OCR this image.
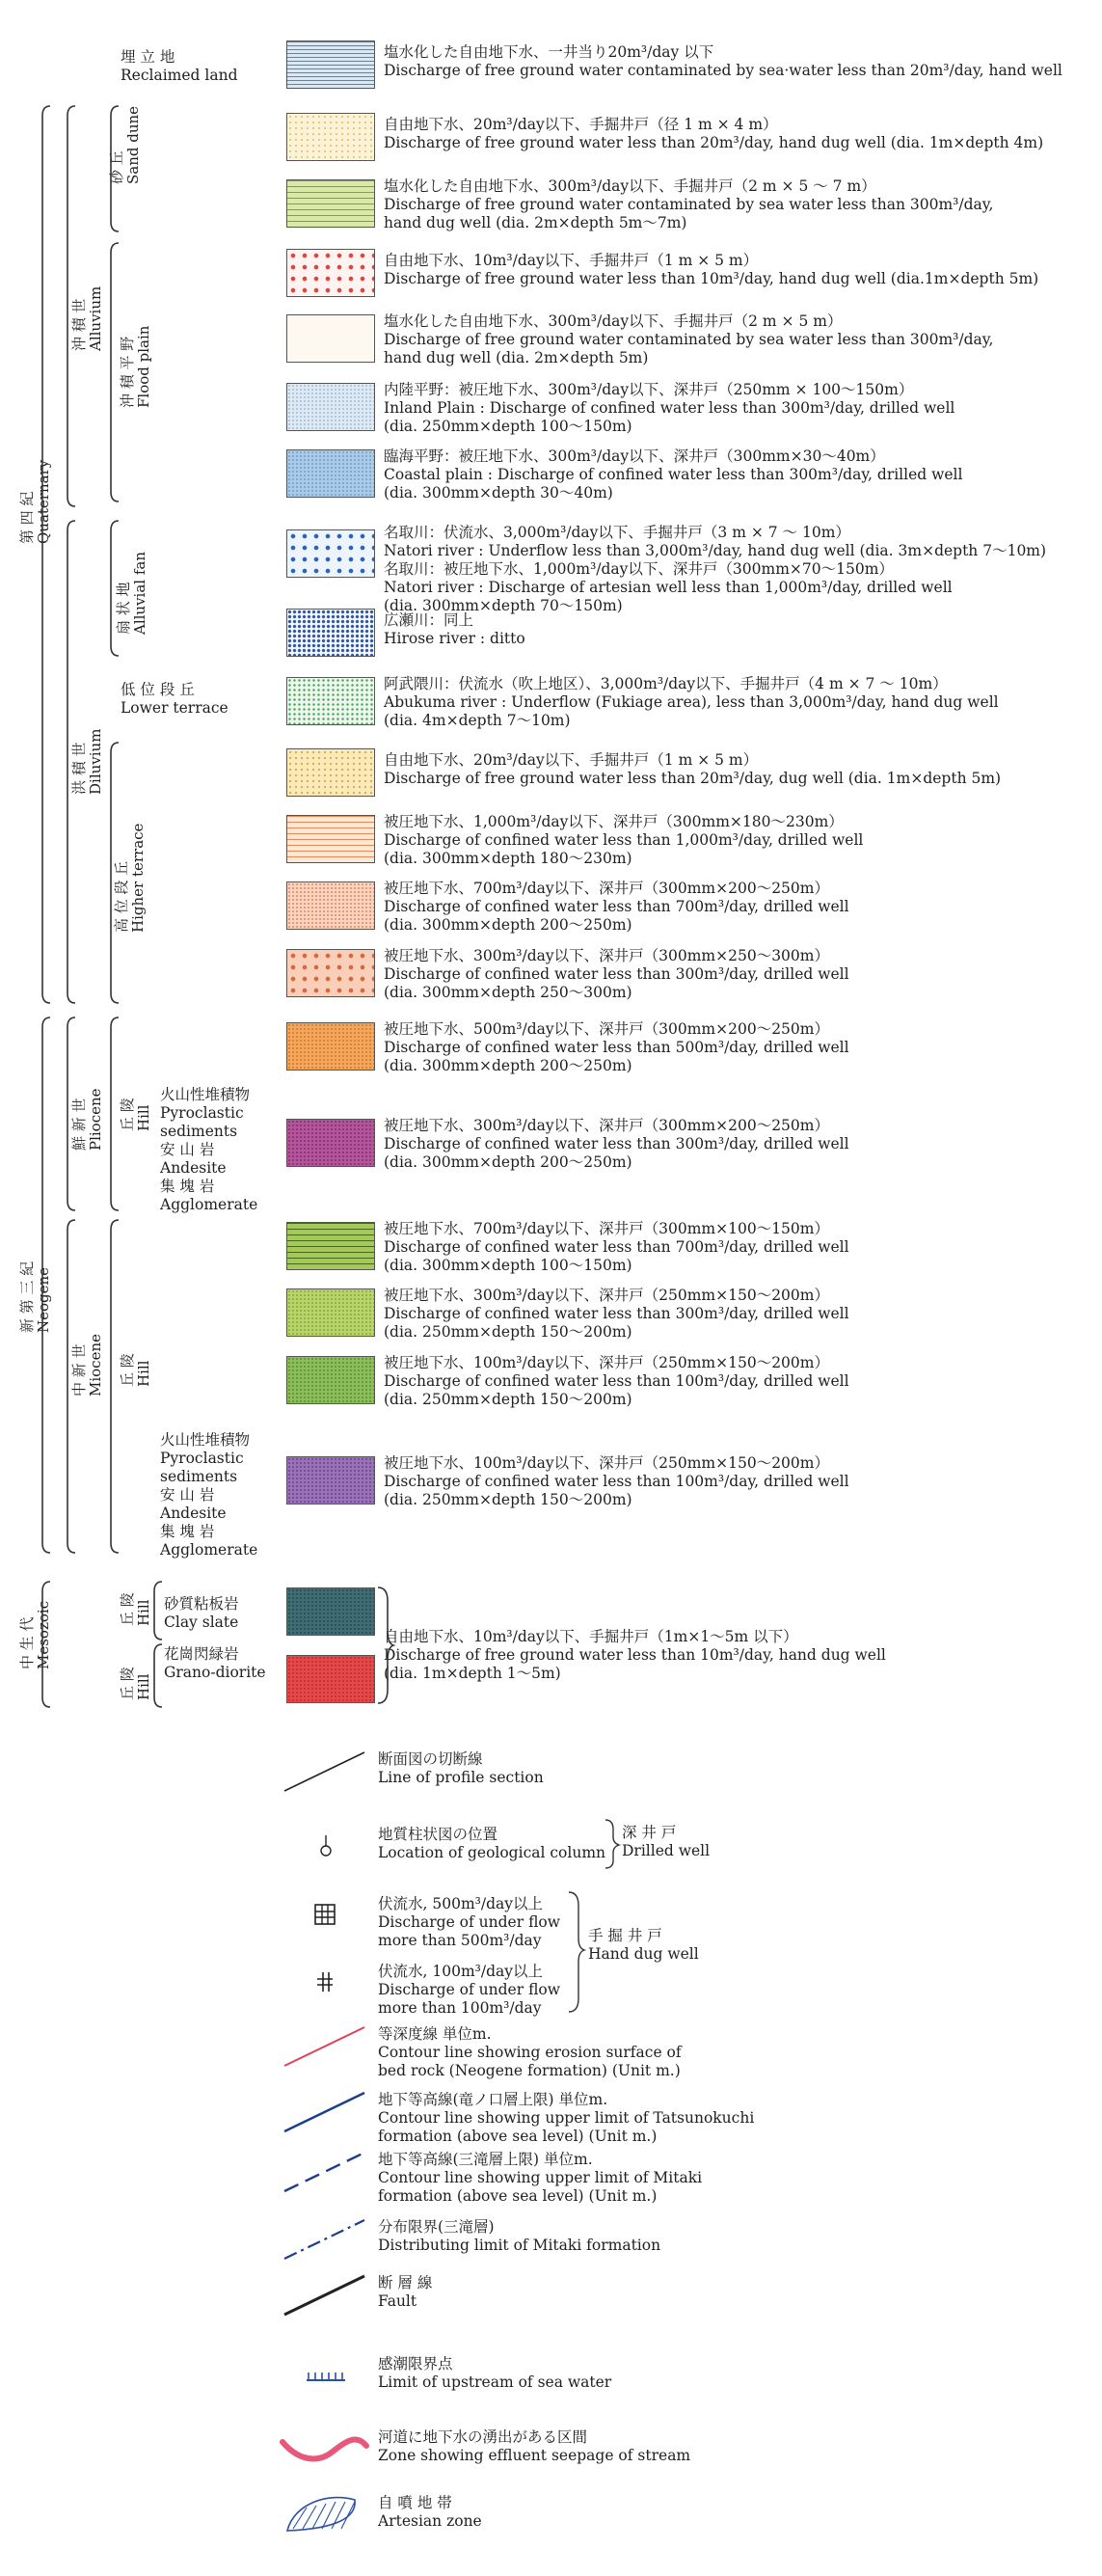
塩水化した自由地下水、一井当り20m³/day 以下
Discharge of free ground water contaminated by sea·water less than 20m³/day, hand well
自由地下水、20m³/day以下、手掘井戸（径 1 m × 4 m）
Discharge of free ground water less than 20m³/day, hand dug well (dia. 1m×depth 4m)
塩水化した自由地下水、300m³/day以下、手掘井戸（2 m × 5 ～ 7 m）
Discharge of free ground water contaminated by sea water less than 300m³/day,
hand dug well (dia. 2m×depth 5m～7m)
自由地下水、10m³/day以下、手掘井戸（1 m × 5 m）
Discharge of free ground water less than 10m³/day, hand dug well (dia.1m×depth 5m)
塩水化した自由地下水、300m³/day以下、手掘井戸（2 m × 5 m）
Discharge of free ground water contaminated by sea water less than 300m³/day,
hand dug well (dia. 2m×depth 5m)
内陸平野：被圧地下水、300m³/day以下、深井戸（250mm × 100～150m）
Inland Plain : Discharge of confined water less than 300m³/day, drilled well
(dia. 250mm×depth 100～150m)
臨海平野：被圧地下水、300m³/day以下、深井戸（300mm×30～40m）
Coastal plain : Discharge of confined water less than 300m³/day, drilled well
(dia. 300mm×depth 30～40m)
名取川：伏流水、3,000m³/day以下、手掘井戸（3 m × 7 ～ 10m）
Natori river : Underflow less than 3,000m³/day, hand dug well (dia. 3m×depth 7～10m)
名取川：被圧地下水、1,000m³/day以下、深井戸（300mm×70～150m）
Natori river : Discharge of artesian well less than 1,000m³/day, drilled well
(dia. 300mm×depth 70～150m)
広瀬川：同上
Hirose river : ditto
阿武隈川：伏流水（吹上地区）、3,000m³/day以下、手掘井戸（4 m × 7 ～ 10m）
Abukuma river : Underflow (Fukiage area), less than 3,000m³/day, hand dug well
(dia. 4m×depth 7～10m)
自由地下水、20m³/day以下、手掘井戸（1 m × 5 m）
Discharge of free ground water less than 20m³/day, dug well (dia. 1m×depth 5m)
被圧地下水、1,000m³/day以下、深井戸（300mm×180～230m）
Discharge of confined water less than 1,000m³/day, drilled well
(dia. 300mm×depth 180～230m)
被圧地下水、700m³/day以下、深井戸（300mm×200～250m）
Discharge of confined water less than 700m³/day, drilled well
(dia. 300mm×depth 200～250m)
被圧地下水、300m³/day以下、深井戸（300mm×250～300m）
Discharge of confined water less than 300m³/day, drilled well
(dia. 300mm×depth 250～300m)
被圧地下水、500m³/day以下、深井戸（300mm×200～250m）
Discharge of confined water less than 500m³/day, drilled well
(dia. 300mm×depth 200～250m)
被圧地下水、300m³/day以下、深井戸（300mm×200～250m）
Discharge of confined water less than 300m³/day, drilled well
(dia. 300mm×depth 200～250m)
被圧地下水、700m³/day以下、深井戸（300mm×100～150m）
Discharge of confined water less than 700m³/day, drilled well
(dia. 300mm×depth 100～150m)
被圧地下水、300m³/day以下、深井戸（250mm×150～200m）
Discharge of confined water less than 300m³/day, drilled well
(dia. 250mm×depth 150～200m)
被圧地下水、100m³/day以下、深井戸（250mm×150～200m）
Discharge of confined water less than 100m³/day, drilled well
(dia. 250mm×depth 150～200m)
被圧地下水、100m³/day以下、深井戸（250mm×150～200m）
Discharge of confined water less than 100m³/day, drilled well
(dia. 250mm×depth 150～200m)
自由地下水、10m³/day以下、手掘井戸（1m×1～5m 以下）
Discharge of free ground water less than 10m³/day, hand dug well
(dia. 1m×depth 1～5m)
埋 立 地
Reclaimed land
低 位 段 丘
Lower terrace
火山性堆積物
Pyroclastic
sediments
安 山 岩
Andesite
集 塊 岩
Agglomerate
火山性堆積物
Pyroclastic
sediments
安 山 岩
Andesite
集 塊 岩
Agglomerate
砂質粘板岩
Clay slate
花崗閃緑岩
Grano-diorite
砂 丘 Sand dune
沖 積 平 野 Flood plain
沖 積 世 Alluvium
扇 状 地 Alluvial fan
高 位 段 丘 Higher terrace
洪 積 世 Diluvium
第 四 紀 Quaternary
鮮 新 世 Pliocene 丘 陵 Hill
中 新 世 Miocene 丘 陵 Hill
新 第 三 紀 Neogene
中 生 代 Mesozoic	丘 陵 Hill
丘 陵 Hill
断面図の切断線
Line of profile section
地質柱状図の位置
Location of geological column
深 井 戸
Drilled well
伏流水, 500m³/day以上
Discharge of under flow
more than 500m³/day
伏流水, 100m³/day以上
Discharge of under flow
more than 100m³/day
等深度線 単位m.
Contour line showing erosion surface of
bed rock (Neogene formation) (Unit m.)
地下等高線(竜ノ口層上限) 単位m.
Contour line showing upper limit of Tatsunokuchi
formation (above sea level) (Unit m.)
地下等高線(三滝層上限) 単位m.
Contour line showing upper limit of Mitaki
formation (above sea level) (Unit m.)
分布限界(三滝層)
Distributing limit of Mitaki formation
断 層 線
Fault
感潮限界点
Limit of upstream of sea water
河道に地下水の湧出がある区間
Zone showing effluent seepage of stream
自 噴 地 帯
Artesian zone
手 掘 井 戸
Hand dug well
